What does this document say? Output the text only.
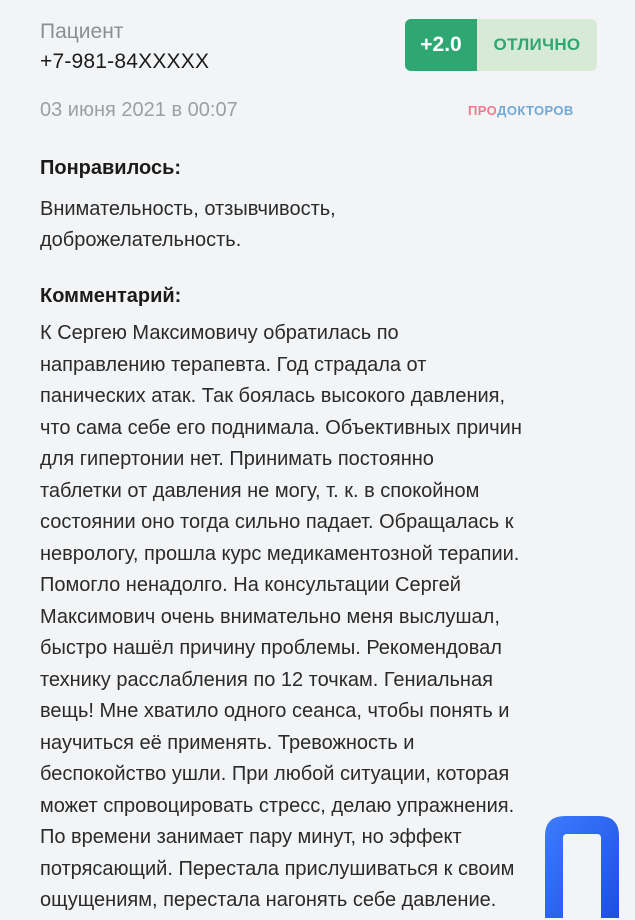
Пациент
+7-981-84XXXXX
+2.0	ОТЛИЧНО
03 июня 2021 в 00:07	ПРО ДОКТОРОВ
Понравилось:
Внимательность, отзывчивость,
доброжелательность.
Комментарий:
К Сергею Максимовичу обратилась по
направлению терапевта. Год страдала от
панических атак. Так боялась высокого давления,
что сама себе его поднимала. Объективных причин
для гипертонии нет. Принимать постоянно
таблетки от давления не могу, т. к. в спокойном
состоянии оно тогда сильно падает. Обращалась к
неврологу, прошла курс медикаментозной терапии.
Помогло ненадолго. На консультации Сергей
Максимович очень внимательно меня выслушал,
быстро нашёл причину проблемы. Рекомендовал
технику расслабления по 12 точкам. Гениальная
вещь! Мне хватило одного сеанса, чтобы понять и
научиться её применять. Тревожность и
беспокойство ушли. При любой ситуации, которая
может спровоцировать стресс, делаю упражнения.
По времени занимает пару минут, но эффект
потрясающий. Перестала прислушиваться к своим
ощущениям, перестала нагонять себе давление.
